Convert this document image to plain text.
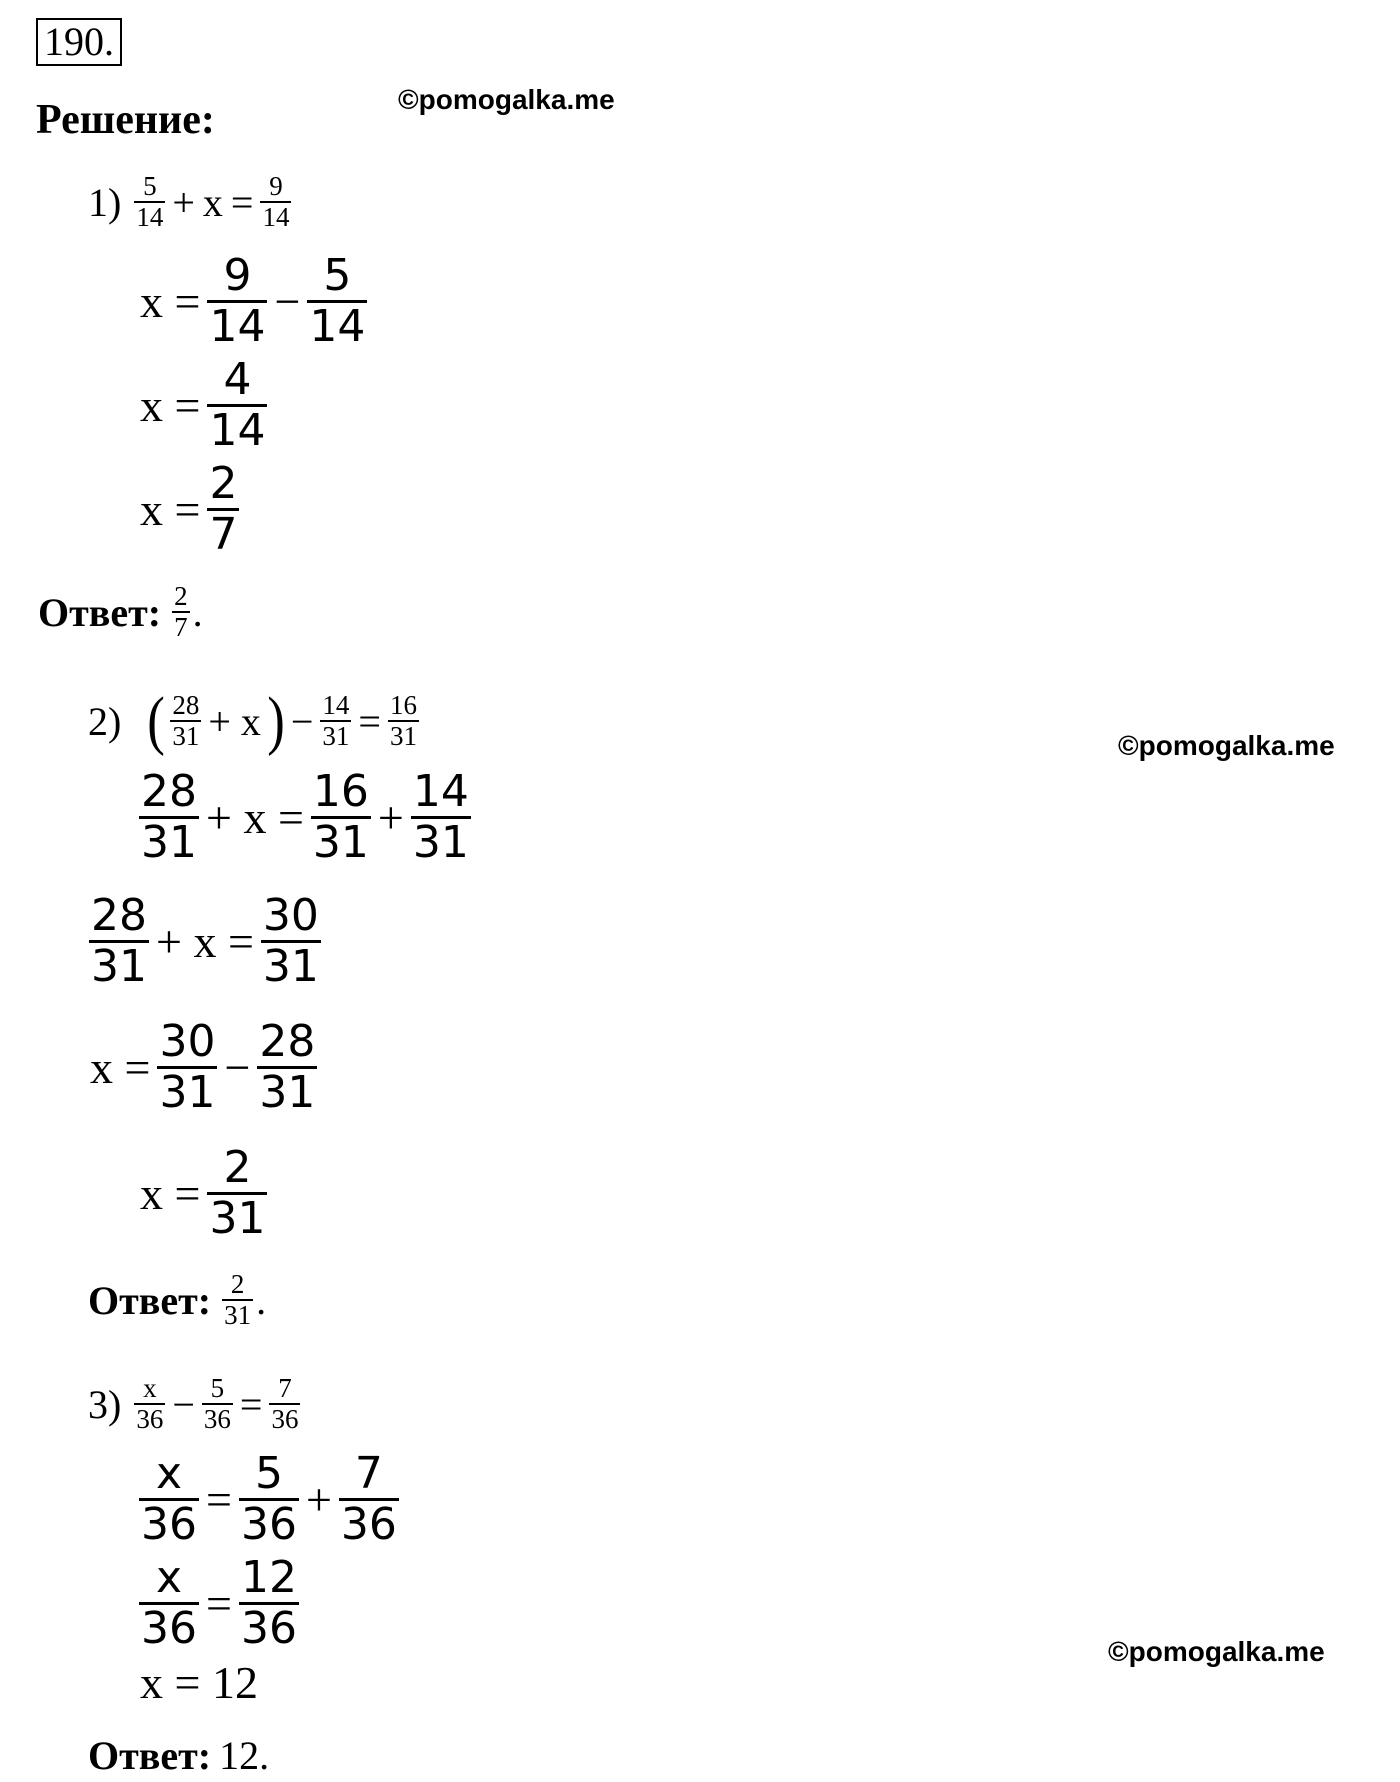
190.
Решение:	©pomogalka.me
©pomogalka.me
©pomogalka.me
$1) \frac{5}{14} + x = \frac{9}{14}$
$x = \frac{9}{14} - \frac{5}{14}$
$x = \frac{4}{14}$
$x = \frac{2}{7}$
Ответ: $\frac{2}{7}$ .
2) ( $\frac{28}{31} + x$ ) − $\frac{14}{31} = \frac{16}{31}$
$\frac{28}{31} + x = \frac{16}{31} + \frac{14}{31}$
$\frac{28}{31} + x = \frac{30}{31}$
$x = \frac{30}{31} - \frac{28}{31}$
$x = \frac{2}{31}$
Ответ: $\frac{2}{31}$ .
$3) \frac{x}{36} - \frac{5}{36} = \frac{7}{36}$
$\frac{x}{36} = \frac{5}{36} + \frac{7}{36}$
$\frac{x}{36} = \frac{12}{36}$
x = 12
Ответ: 12.
